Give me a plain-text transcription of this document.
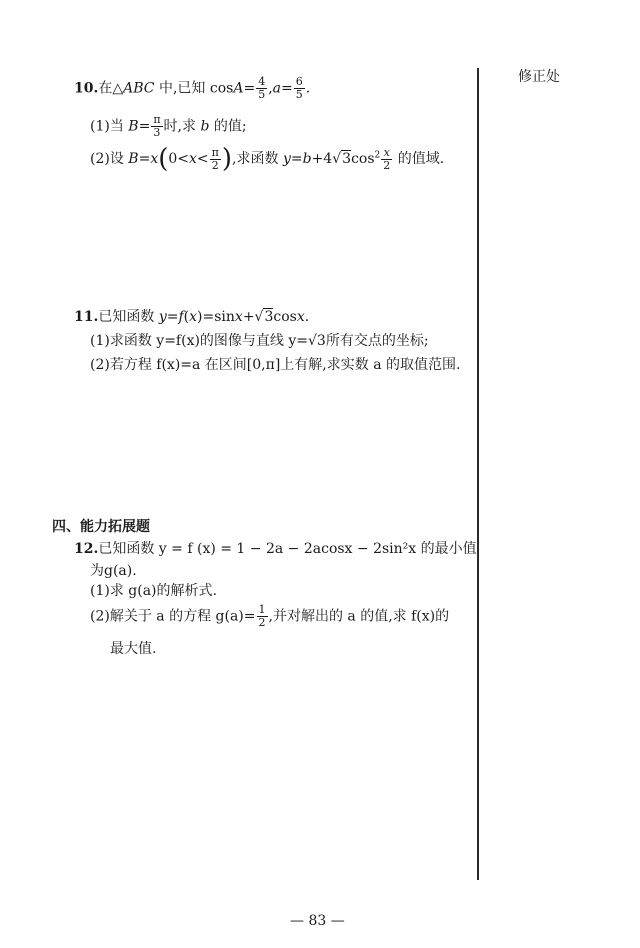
修正处
10.在△ABC 中,已知 $\cos A= \frac{4}{5} ,a= \frac{6}{5}$ .
(1)当 $B= \frac{\pi}{3}$ 时,求 b 的值;
(2)设 $B=x(0<x< \frac{\pi}{2}$ ),求函数 $y=b+4√3\cos^2 \frac{x}{2}$ 的值域.
11.已知函数 y=f(x)=sinx+√3cosx.
(1)求函数 y=f(x)的图像与直线 y=√3所有交点的坐标;
(2)若方程 f(x)=a 在区间[0,π]上有解,求实数 a 的取值范围.
四、能力拓展题
12.已知函数 y = f (x) = 1 − 2a − 2acosx − 2sin²x 的最小值
为g(a).
(1)求 g(a)的解析式.
(2)解关于 a 的方程 $g(a)= \frac{1}{2}$ ,并对解出的 a 的值,求 f(x)的
最大值.
— 83 —
